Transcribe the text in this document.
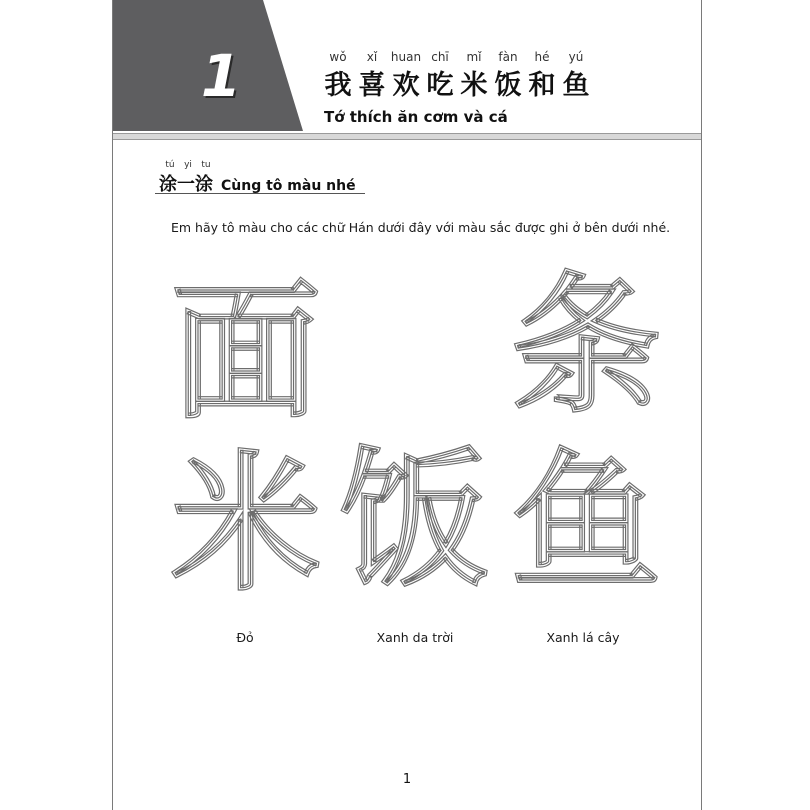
1	wǒ	xǐ	huan chī	mǐ	fàn	hé	yú
我 喜 欢 吃 米 饭 和 鱼
Tớ thích ăn cơm và cá
tú	yi	tu
涂一涂 Cùng tô màu nhé
Em hãy tô màu cho các chữ Hán dưới đây với màu sắc được ghi ở bên dưới nhé.
面 条
米 饭 鱼
Đỏ	Xanh da trời	Xanh lá cây
1
